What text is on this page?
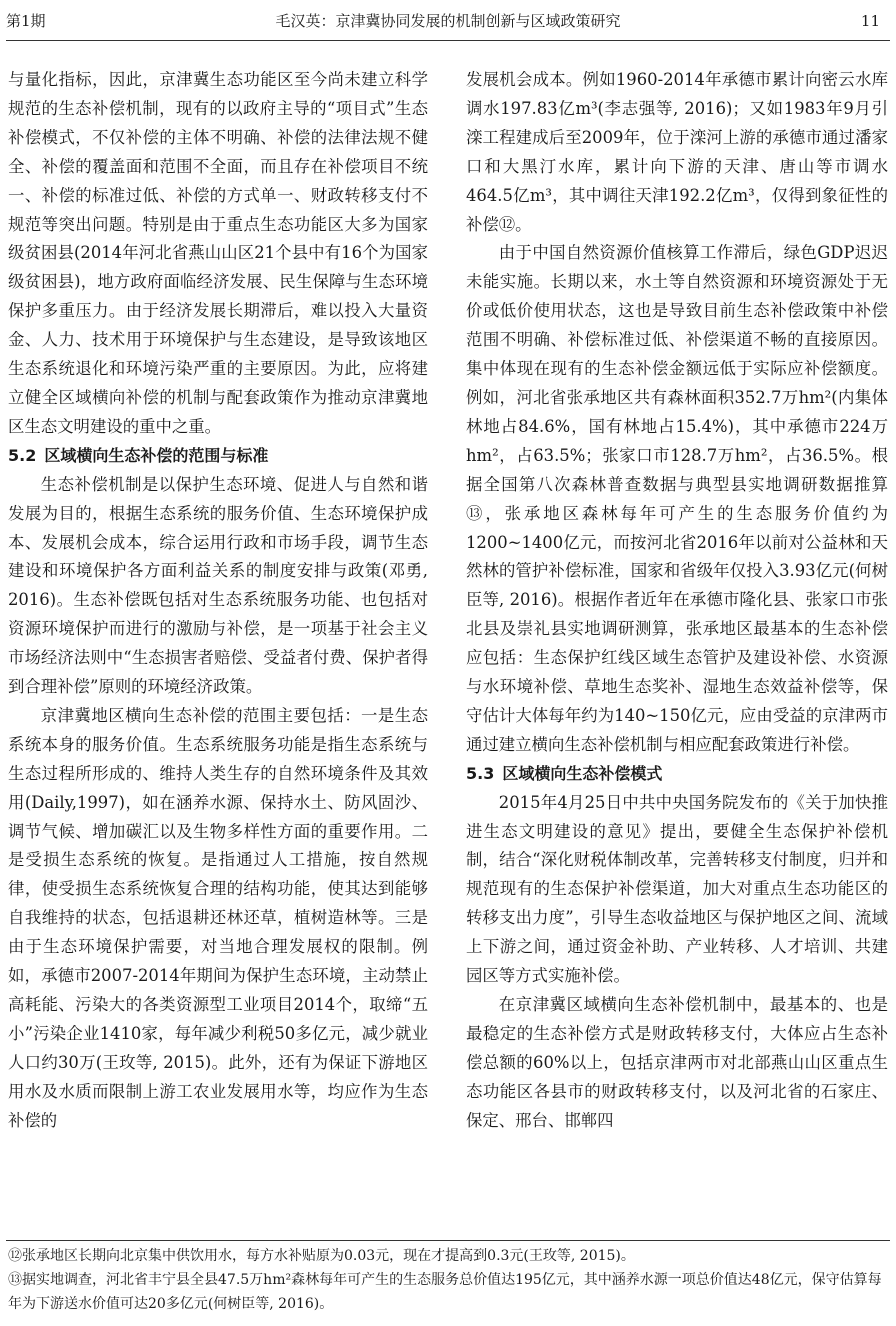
第1期	毛汉英：京津冀协同发展的机制创新与区域政策研究	11

与量化指标，因此，京津冀生态功能区至今尚未建立科学规范的生态补偿机制，现有的以政府主导的“项目式”生态补偿模式，不仅补偿的主体不明确、补偿的法律法规不健全、补偿的覆盖面和范围不全面，而且存在补偿项目不统一、补偿的标准过低、补偿的方式单一、财政转移支付不规范等突出问题。特别是由于重点生态功能区大多为国家级贫困县(2014年河北省燕山山区21个县中有16个为国家级贫困县)，地方政府面临经济发展、民生保障与生态环境保护多重压力。由于经济发展长期滞后，难以投入大量资金、人力、技术用于环境保护与生态建设，是导致该地区生态系统退化和环境污染严重的主要原因。为此，应将建立健全区域横向补偿的机制与配套政策作为推动京津冀地区生态文明建设的重中之重。

5.2 区域横向生态补偿的范围与标准

生态补偿机制是以保护生态环境、促进人与自然和谐发展为目的，根据生态系统的服务价值、生态环境保护成本、发展机会成本，综合运用行政和市场手段，调节生态建设和环境保护各方面利益关系的制度安排与政策(邓勇, 2016)。生态补偿既包括对生态系统服务功能、也包括对资源环境保护而进行的激励与补偿，是一项基于社会主义市场经济法则中“生态损害者赔偿、受益者付费、保护者得到合理补偿”原则的环境经济政策。

京津冀地区横向生态补偿的范围主要包括：一是生态系统本身的服务价值。生态系统服务功能是指生态系统与生态过程所形成的、维持人类生存的自然环境条件及其效用(Daily,1997)，如在涵养水源、保持水土、防风固沙、调节气候、增加碳汇以及生物多样性方面的重要作用。二是受损生态系统的恢复。是指通过人工措施，按自然规律，使受损生态系统恢复合理的结构功能，使其达到能够自我维持的状态，包括退耕还林还草，植树造林等。三是由于生态环境保护需要，对当地合理发展权的限制。例如，承德市2007-2014年期间为保护生态环境，主动禁止高耗能、污染大的各类资源型工业项目2014个，取缔“五小”污染企业1410家，每年减少利税50多亿元，减少就业人口约30万(王玫等, 2015)。此外，还有为保证下游地区用水及水质而限制上游工农业发展用水等，均应作为生态补偿的

发展机会成本。例如1960-2014年承德市累计向密云水库调水197.83亿m³(李志强等, 2016)；又如1983年9月引滦工程建成后至2009年，位于滦河上游的承德市通过潘家口和大黑汀水库，累计向下游的天津、唐山等市调水464.5亿m³，其中调往天津192.2亿m³，仅得到象征性的补偿⑫。

由于中国自然资源价值核算工作滞后，绿色GDP迟迟未能实施。长期以来，水土等自然资源和环境资源处于无价或低价使用状态，这也是导致目前生态补偿政策中补偿范围不明确、补偿标准过低、补偿渠道不畅的直接原因。集中体现在现有的生态补偿金额远低于实际应补偿额度。例如，河北省张承地区共有森林面积352.7万hm²(内集体林地占84.6%，国有林地占15.4%)，其中承德市224万hm²，占63.5%；张家口市128.7万hm²，占36.5%。根据全国第八次森林普查数据与典型县实地调研数据推算⑬，张承地区森林每年可产生的生态服务价值约为1200~1400亿元，而按河北省2016年以前对公益林和天然林的管护补偿标准，国家和省级年仅投入3.93亿元(何树臣等, 2016)。根据作者近年在承德市隆化县、张家口市张北县及崇礼县实地调研测算，张承地区最基本的生态补偿应包括：生态保护红线区域生态管护及建设补偿、水资源与水环境补偿、草地生态奖补、湿地生态效益补偿等，保守估计大体每年约为140~150亿元，应由受益的京津两市通过建立横向生态补偿机制与相应配套政策进行补偿。

5.3 区域横向生态补偿模式

2015年4月25日中共中央国务院发布的《关于加快推进生态文明建设的意见》提出，要健全生态保护补偿机制，结合“深化财税体制改革，完善转移支付制度，归并和规范现有的生态保护补偿渠道，加大对重点生态功能区的转移支出力度”，引导生态收益地区与保护地区之间、流域上下游之间，通过资金补助、产业转移、人才培训、共建园区等方式实施补偿。

在京津冀区域横向生态补偿机制中，最基本的、也是最稳定的生态补偿方式是财政转移支付，大体应占生态补偿总额的60%以上，包括京津两市对北部燕山山区重点生态功能区各县市的财政转移支付，以及河北省的石家庄、保定、邢台、邯郸四

⑫张承地区长期向北京集中供饮用水，每方水补贴原为0.03元，现在才提高到0.3元(王玫等, 2015)。

⑬据实地调查，河北省丰宁县全县47.5万hm²森林每年可产生的生态服务总价值达195亿元，其中涵养水源一项总价值达48亿元，保守估算每年为下游送水价值可达20多亿元(何树臣等, 2016)。
